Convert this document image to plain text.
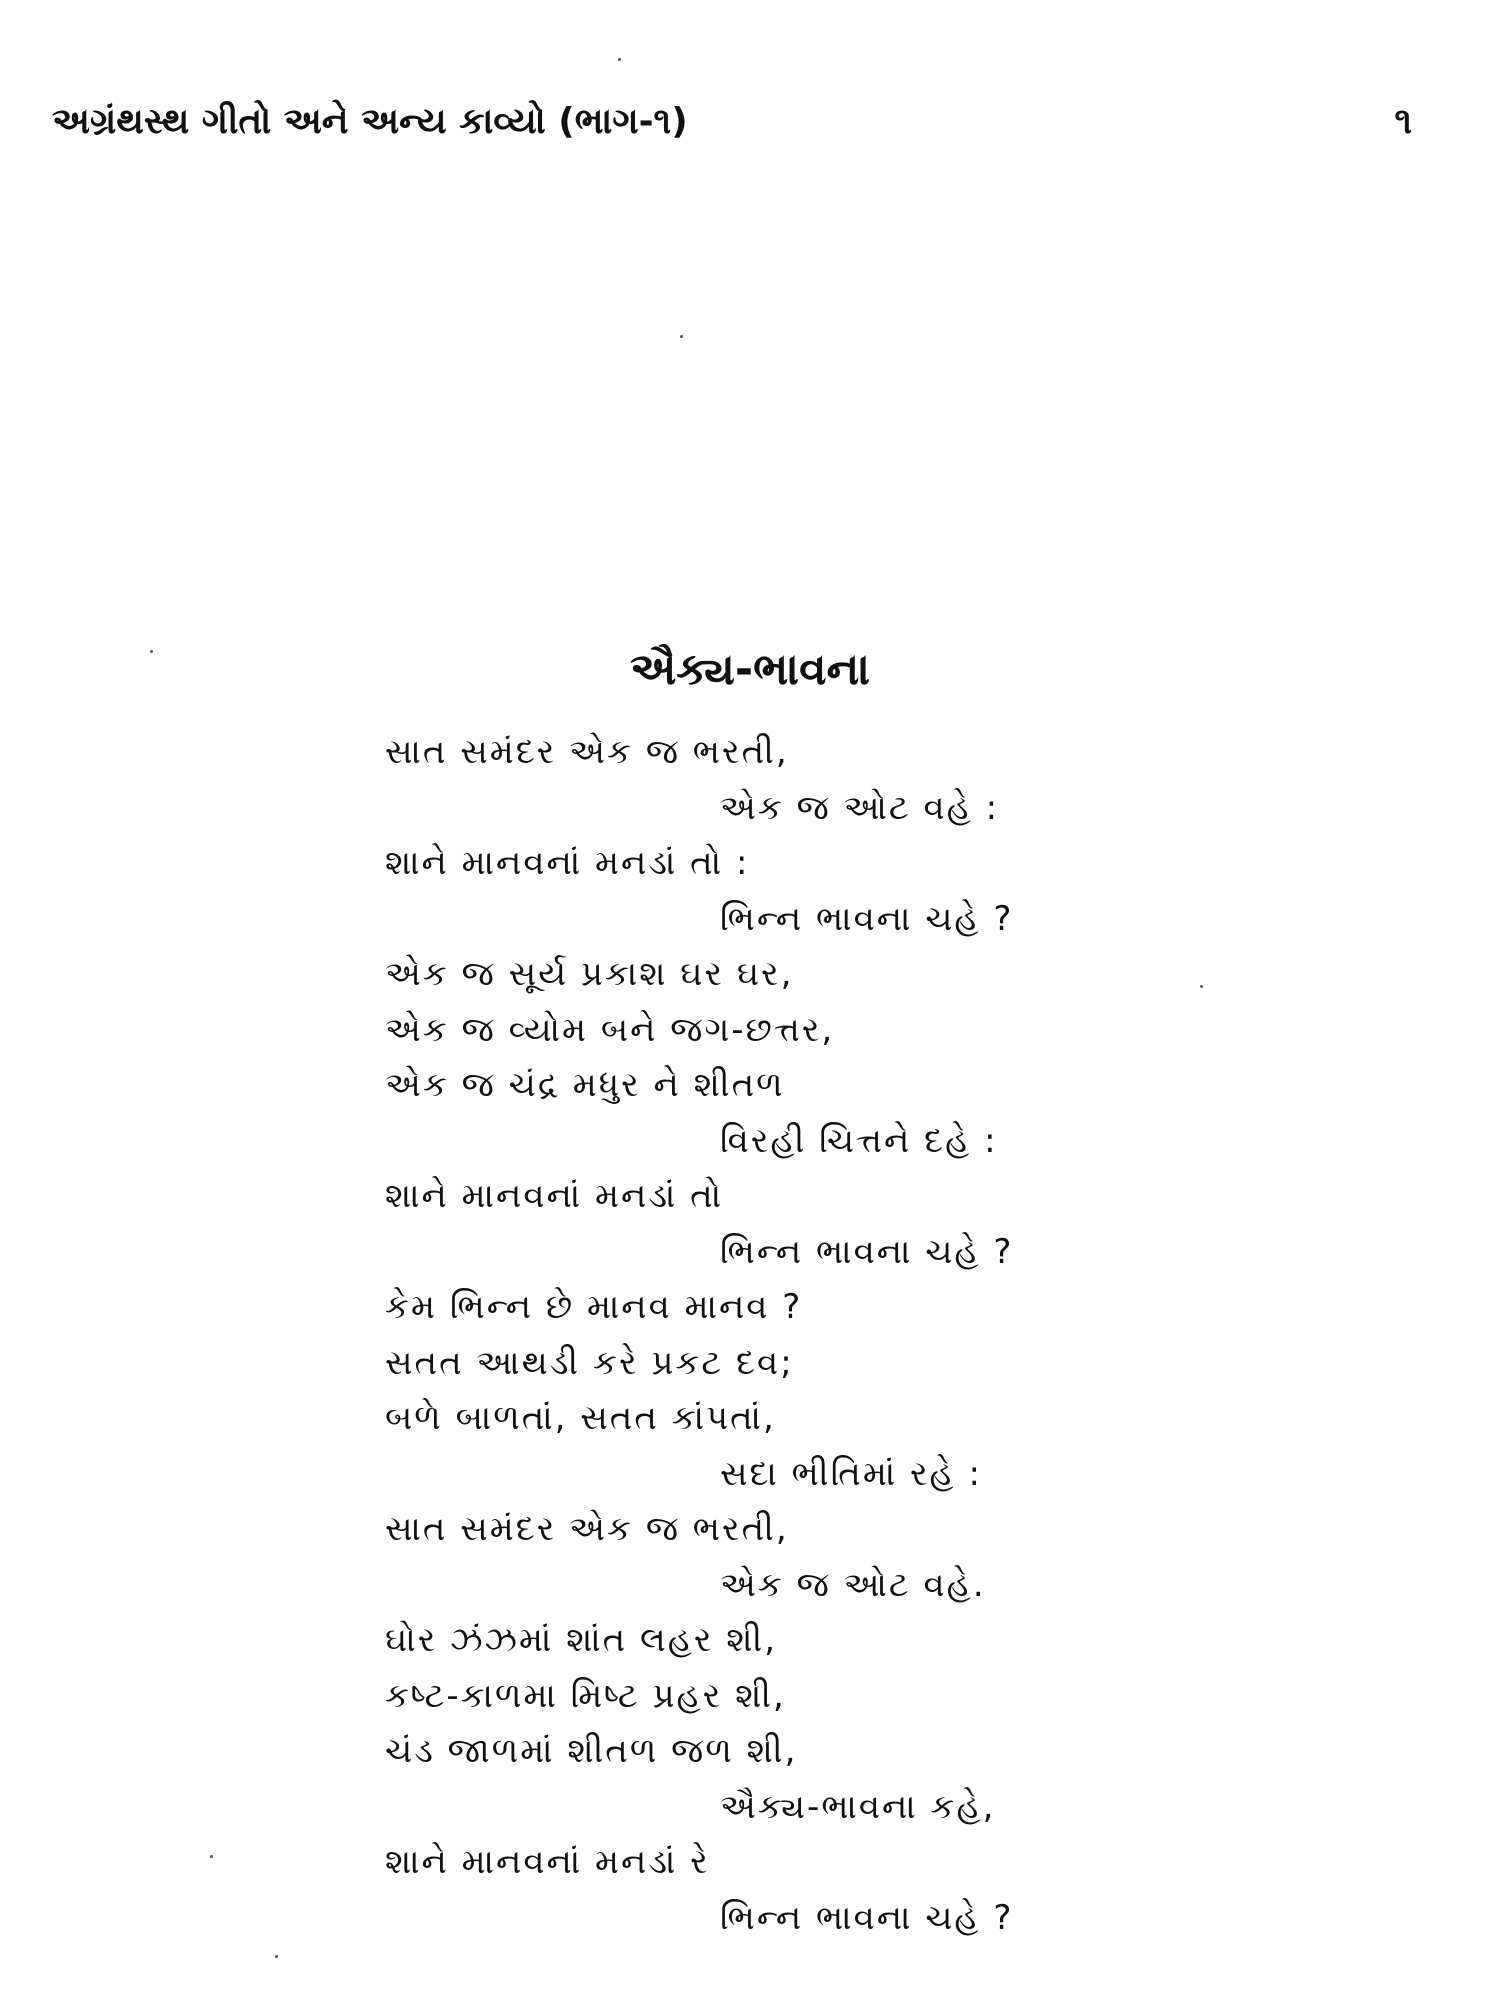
અગ્રંથસ્થ ગીતો અને અન્ય કાવ્યો (ભાગ-૧)	૧
ઐક્ય-ભાવના
સાત સમંદર એક જ ભરતી,
એક જ ઓટ વહે :
શાને માનવનાં મનડાં તો :
ભિન્ન ભાવના ચહે ?
એક જ સૂર્ય પ્રકાશ ઘર ઘર,
એક જ વ્યોમ બને જગ-છત્તર,
એક જ ચંદ્ર મધુર ને શીતળ
વિરહી ચિત્તને દહે :
શાને માનવનાં મનડાં તો
ભિન્ન ભાવના ચહે ?
કેમ ભિન્ન છે માનવ માનવ ?
સતત આથડી કરે પ્રકટ દવ;
બળે બાળતાં, સતત કાંપતાં,
સદા ભીતિમાં રહે :
સાત સમંદર એક જ ભરતી,
એક જ ઓટ વહે.
ઘોર ઝંઝમાં શાંત લહર શી,
કષ્ટ-કાળમા મિષ્ટ પ્રહર શી,
ચંડ જાળમાં શીતળ જળ શી,
ઐક્ય-ભાવના કહે,
શાને માનવનાં મનડાં રે
ભિન્ન ભાવના ચહે ?
